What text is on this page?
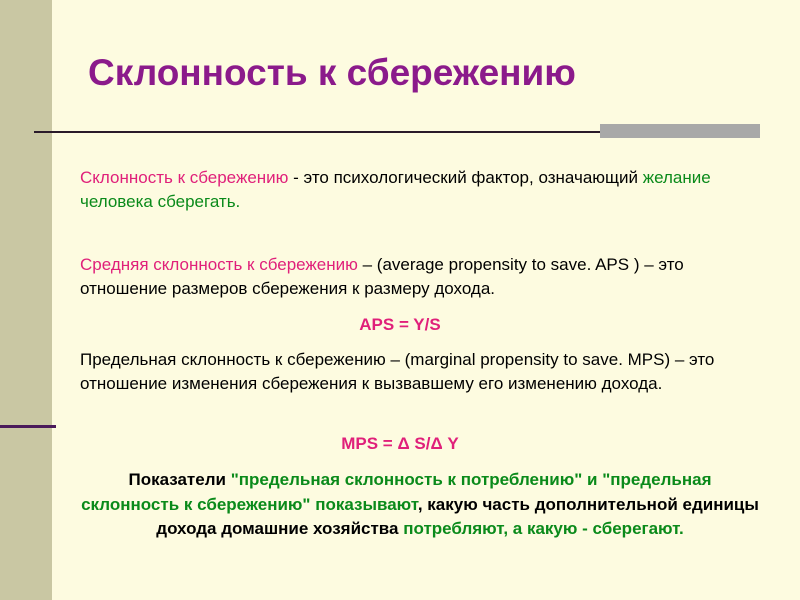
Склонность к сбережению
Склонность к сбережению - это психологический фактор, означающий желание человека сберегать.
Средняя склонность к сбережению – (average propensity to save. APS ) – это отношение размеров сбережения к размеру дохода.
APS = Y/S
Предельная склонность к сбережению – (marginal propensity to save. MPS) – это отношение изменения сбережения к вызвавшему его изменению дохода.
MPS = Δ S/Δ Y
Показатели "предельная склонность к потреблению" и "предельная склонность к сбережению" показывают, какую часть дополнительной единицы дохода домашние хозяйства потребляют, а какую - сберегают.
